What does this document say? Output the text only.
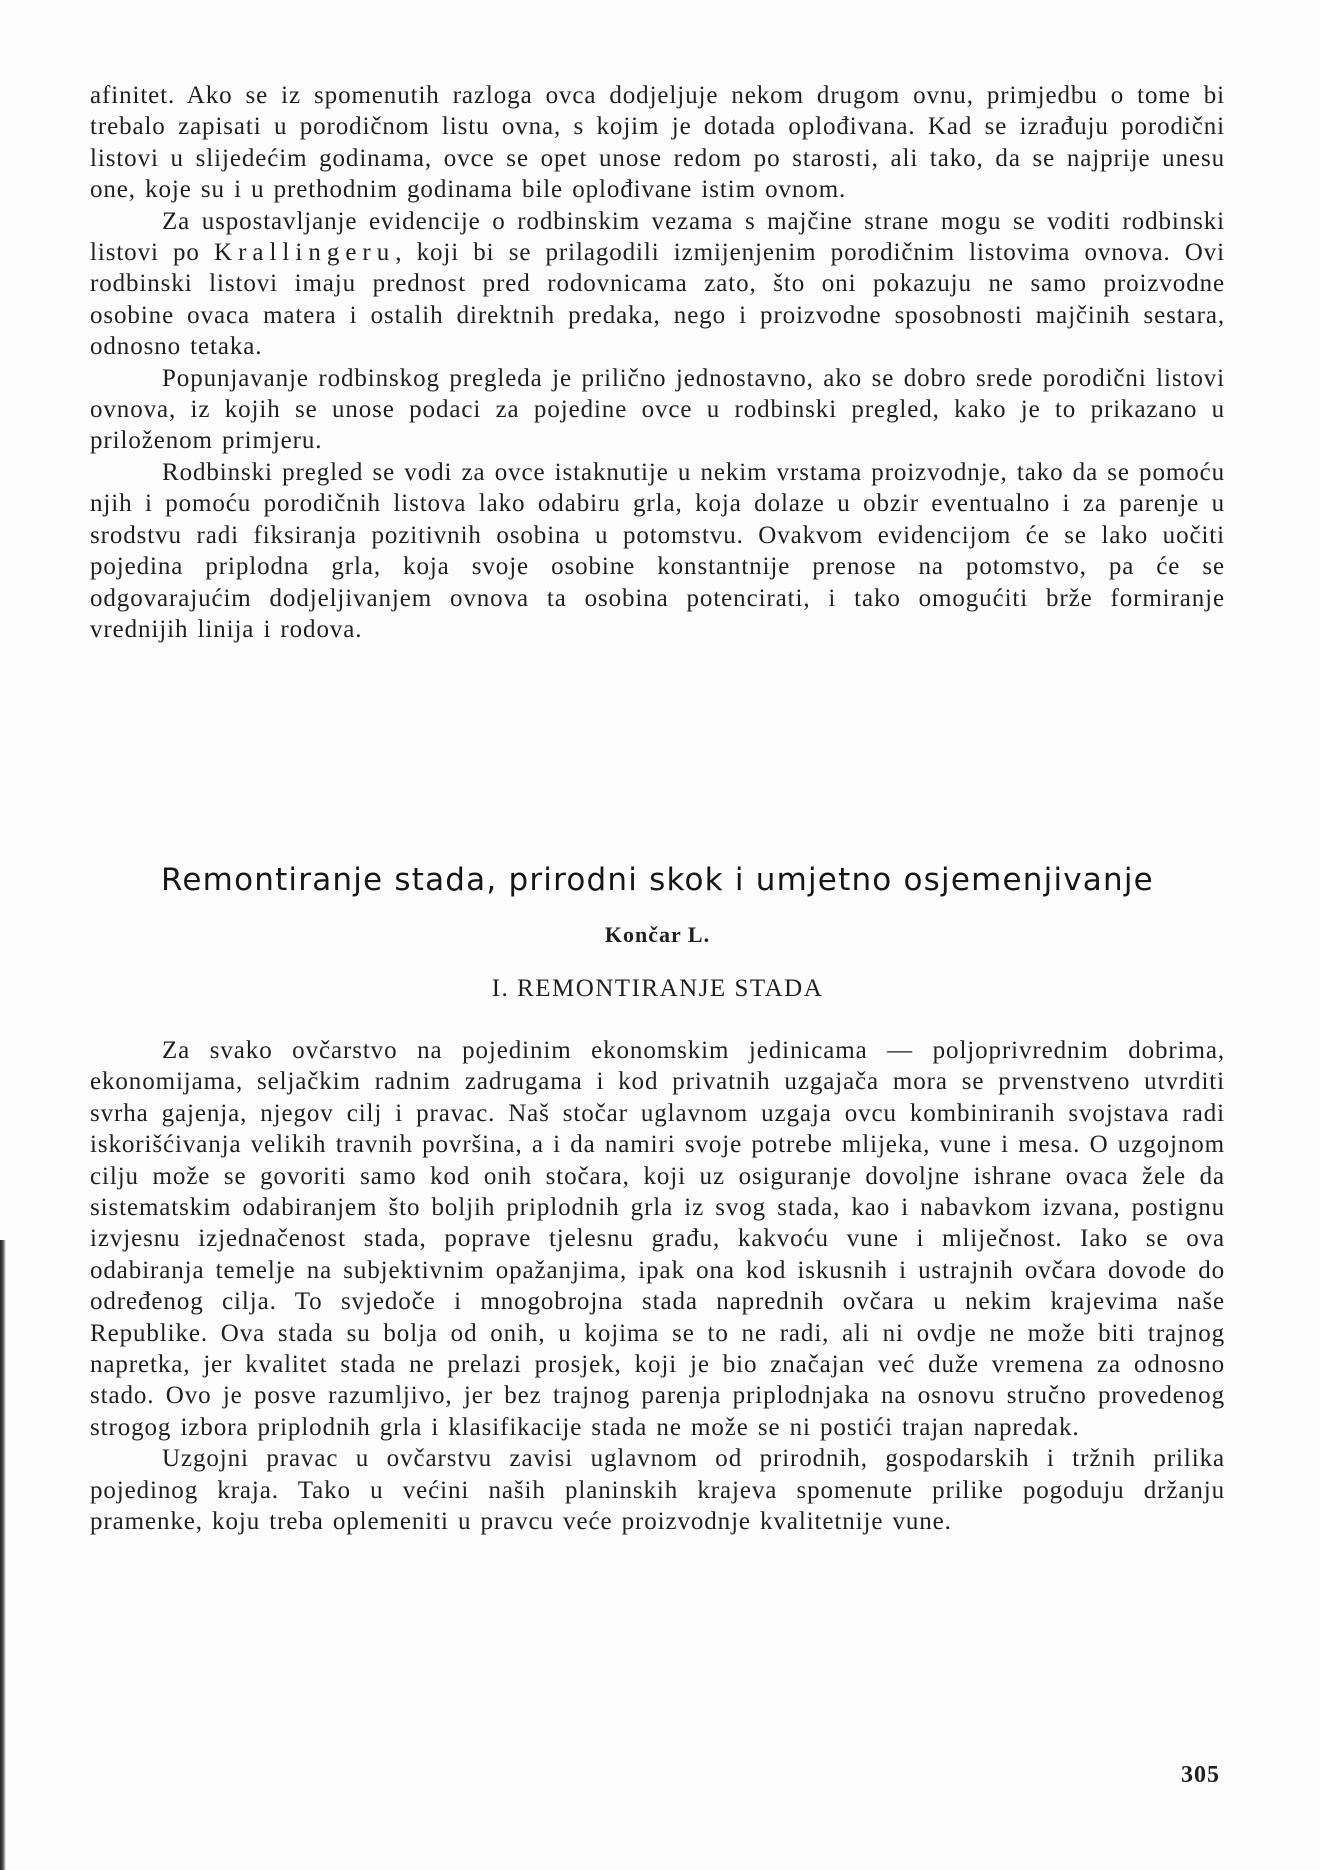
afinitet. Ako se iz spomenutih razloga ovca dodjeljuje nekom drugom ovnu, primjedbu o tome bi trebalo zapisati u porodičnom listu ovna, s kojim je dotada oplođivana. Kad se izrađuju porodični listovi u slijedećim godinama, ovce se opet unose redom po starosti, ali tako, da se najprije unesu one, koje su i u prethodnim godinama bile oplođivane istim ovnom.

Za uspostavljanje evidencije o rodbinskim vezama s majčine strane mogu se voditi rodbinski listovi po Krallingeru, koji bi se prilagodili izmijenjenim porodičnim listovima ovnova. Ovi rodbinski listovi imaju prednost pred rodovnicama zato, što oni pokazuju ne samo proizvodne osobine ovaca matera i ostalih direktnih predaka, nego i proizvodne sposobnosti majčinih sestara, odnosno tetaka.

Popunjavanje rodbinskog pregleda je prilično jednostavno, ako se dobro srede porodični listovi ovnova, iz kojih se unose podaci za pojedine ovce u rodbinski pregled, kako je to prikazano u priloženom primjeru.

Rodbinski pregled se vodi za ovce istaknutije u nekim vrstama proizvodnje, tako da se pomoću njih i pomoću porodičnih listova lako odabiru grla, koja dolaze u obzir eventualno i za parenje u srodstvu radi fiksiranja pozitivnih osobina u potomstvu. Ovakvom evidencijom će se lako uočiti pojedina priplodna grla, koja svoje osobine konstantnije prenose na potomstvo, pa će se odgovarajućim dodjeljivanjem ovnova ta osobina potencirati, i tako omogućiti brže formiranje vrednijih linija i rodova.

Remontiranje stada, prirodni skok i umjetno osjemenjivanje

Končar L.

I. REMONTIRANJE STADA

Za svako ovčarstvo na pojedinim ekonomskim jedinicama — poljoprivrednim dobrima, ekonomijama, seljačkim radnim zadrugama i kod privatnih uzgajača mora se prvenstveno utvrditi svrha gajenja, njegov cilj i pravac. Naš stočar uglavnom uzgaja ovcu kombiniranih svojstava radi iskorišćivanja velikih travnih površina, a i da namiri svoje potrebe mlijeka, vune i mesa. O uzgojnom cilju može se govoriti samo kod onih stočara, koji uz osiguranje dovoljne ishrane ovaca žele da sistematskim odabiranjem što boljih priplodnih grla iz svog stada, kao i nabavkom izvana, postignu izvjesnu izjednačenost stada, poprave tjelesnu građu, kakvoću vune i mliječnost. Iako se ova odabiranja temelje na subjektivnim opažanjima, ipak ona kod iskusnih i ustrajnih ovčara dovode do određenog cilja. To svjedoče i mnogobrojna stada naprednih ovčara u nekim krajevima naše Republike. Ova stada su bolja od onih, u kojima se to ne radi, ali ni ovdje ne može biti trajnog napretka, jer kvalitet stada ne prelazi prosjek, koji je bio značajan već duže vremena za odnosno stado. Ovo je posve razumljivo, jer bez trajnog parenja priplodnjaka na osnovu stručno provedenog strogog izbora priplodnih grla i klasifikacije stada ne može se ni postići trajan napredak.

Uzgojni pravac u ovčarstvu zavisi uglavnom od prirodnih, gospodarskih i tržnih prilika pojedinog kraja. Tako u većini naših planinskih krajeva spomenute prilike pogoduju držanju pramenke, koju treba oplemeniti u pravcu veće proizvodnje kvalitetnije vune.

305
